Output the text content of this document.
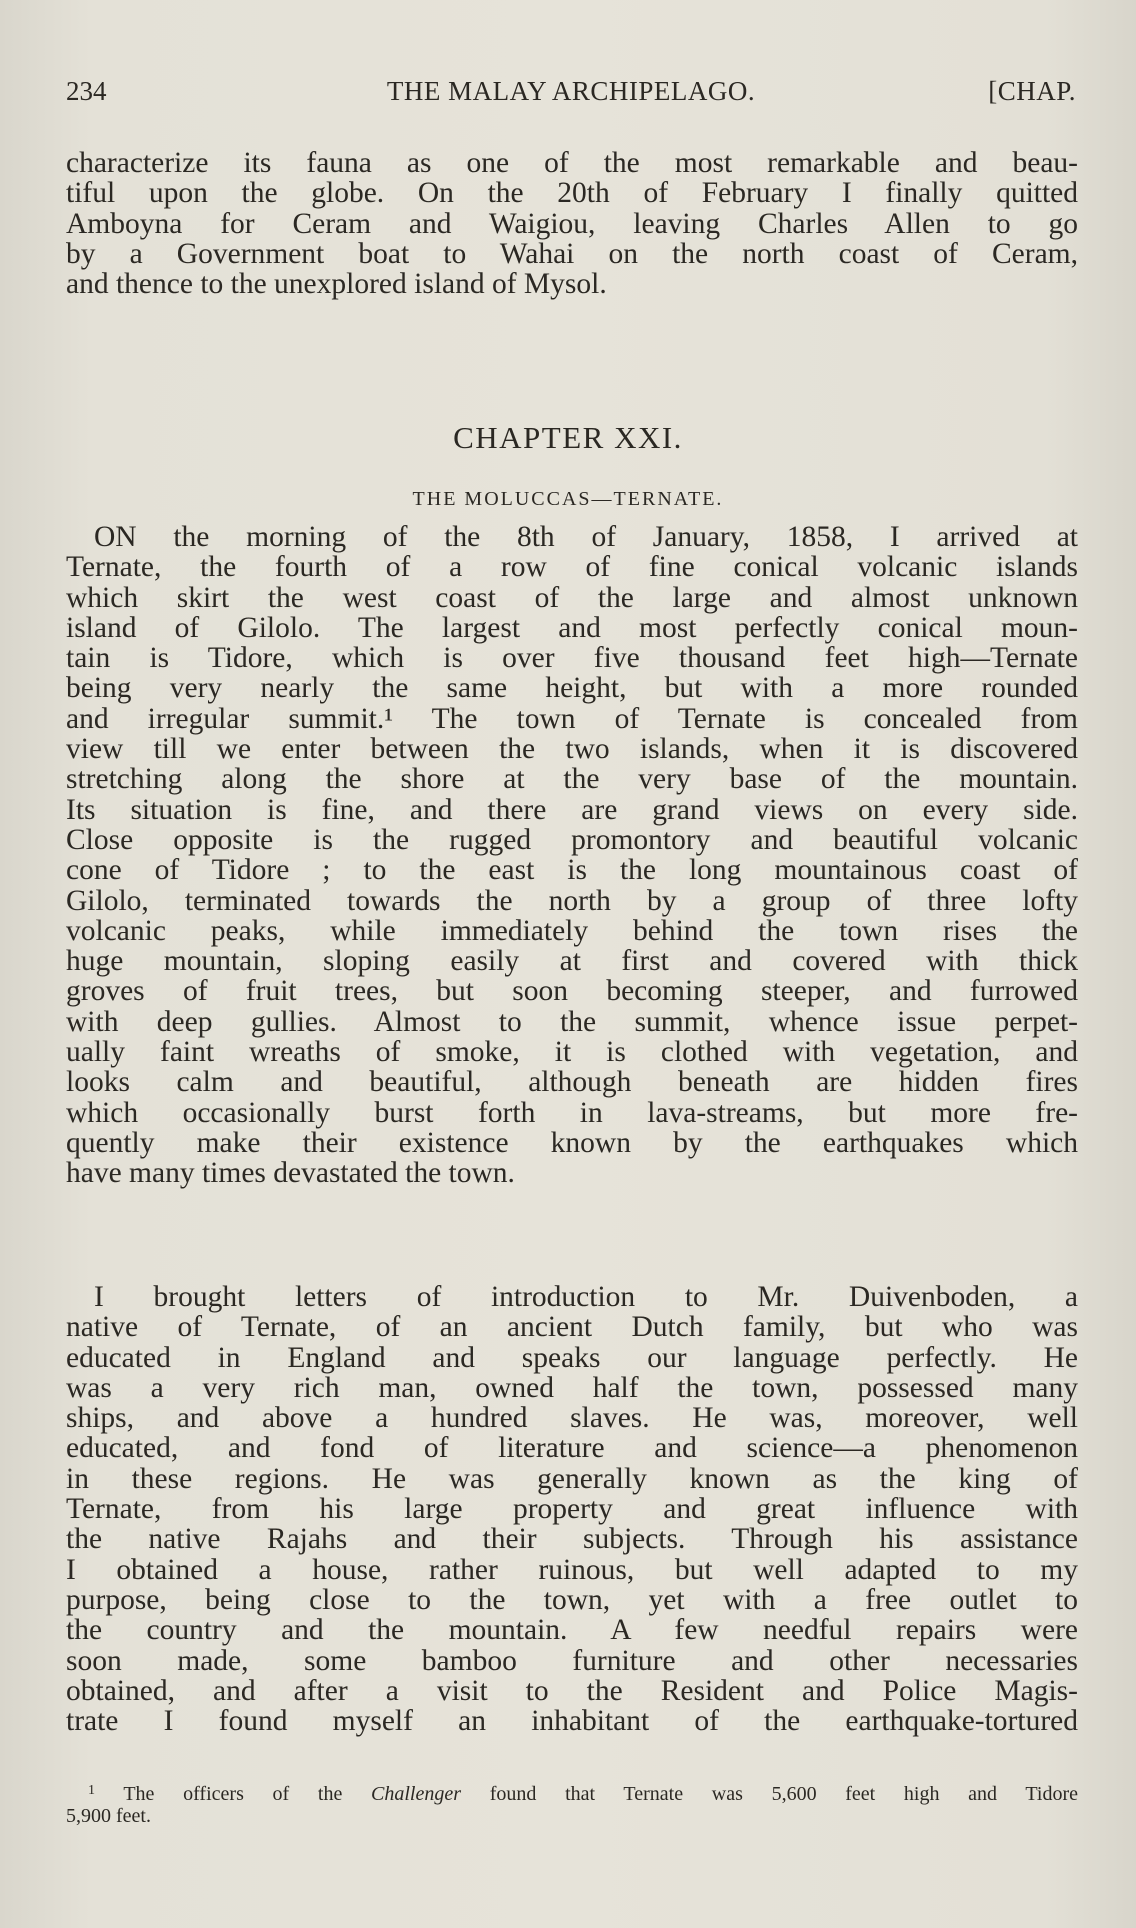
234	THE MALAY ARCHIPELAGO.	[CHAP.
characterize its fauna as one of the most remarkable and beau-
tiful upon the globe. On the 20th of February I finally quitted
Amboyna for Ceram and Waigiou, leaving Charles Allen to go
by a Government boat to Wahai on the north coast of Ceram,
and thence to the unexplored island of Mysol.
CHAPTER XXI.
THE MOLUCCAS—TERNATE.
ON the morning of the 8th of January, 1858, I arrived at
Ternate, the fourth of a row of fine conical volcanic islands
which skirt the west coast of the large and almost unknown
island of Gilolo. The largest and most perfectly conical moun-
tain is Tidore, which is over five thousand feet high—Ternate
being very nearly the same height, but with a more rounded
and irregular summit.¹ The town of Ternate is concealed from
view till we enter between the two islands, when it is discovered
stretching along the shore at the very base of the mountain.
Its situation is fine, and there are grand views on every side.
Close opposite is the rugged promontory and beautiful volcanic
cone of Tidore ; to the east is the long mountainous coast of
Gilolo, terminated towards the north by a group of three lofty
volcanic peaks, while immediately behind the town rises the
huge mountain, sloping easily at first and covered with thick
groves of fruit trees, but soon becoming steeper, and furrowed
with deep gullies. Almost to the summit, whence issue perpet-
ually faint wreaths of smoke, it is clothed with vegetation, and
looks calm and beautiful, although beneath are hidden fires
which occasionally burst forth in lava-streams, but more fre-
quently make their existence known by the earthquakes which
have many times devastated the town.
I brought letters of introduction to Mr. Duivenboden, a
native of Ternate, of an ancient Dutch family, but who was
educated in England and speaks our language perfectly. He
was a very rich man, owned half the town, possessed many
ships, and above a hundred slaves. He was, moreover, well
educated, and fond of literature and science—a phenomenon
in these regions. He was generally known as the king of
Ternate, from his large property and great influence with
the native Rajahs and their subjects. Through his assistance
I obtained a house, rather ruinous, but well adapted to my
purpose, being close to the town, yet with a free outlet to
the country and the mountain. A few needful repairs were
soon made, some bamboo furniture and other necessaries
obtained, and after a visit to the Resident and Police Magis-
trate I found myself an inhabitant of the earthquake-tortured
$^1$ The officers of the Challenger found that Ternate was 5,600 feet high and Tidore
5,900 feet.
